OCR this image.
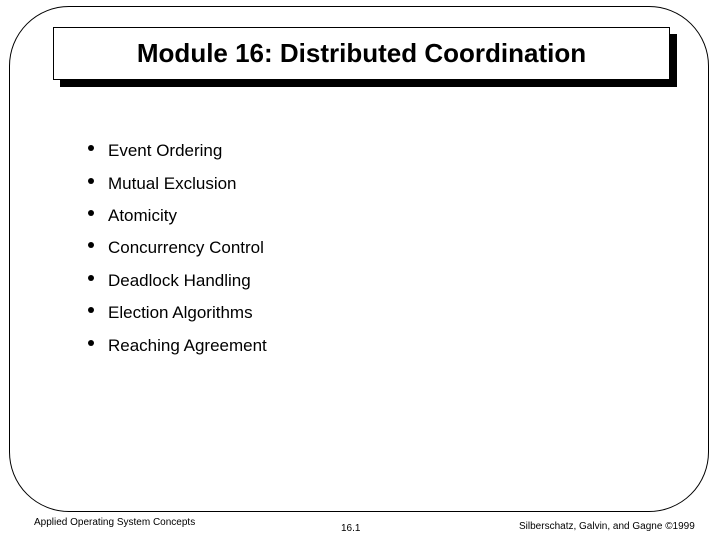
Module 16: Distributed Coordination
Event Ordering
Mutual Exclusion
Atomicity
Concurrency Control
Deadlock Handling
Election Algorithms
Reaching Agreement
Applied Operating System Concepts
16.1	Silberschatz, Galvin, and Gagne ©1999
